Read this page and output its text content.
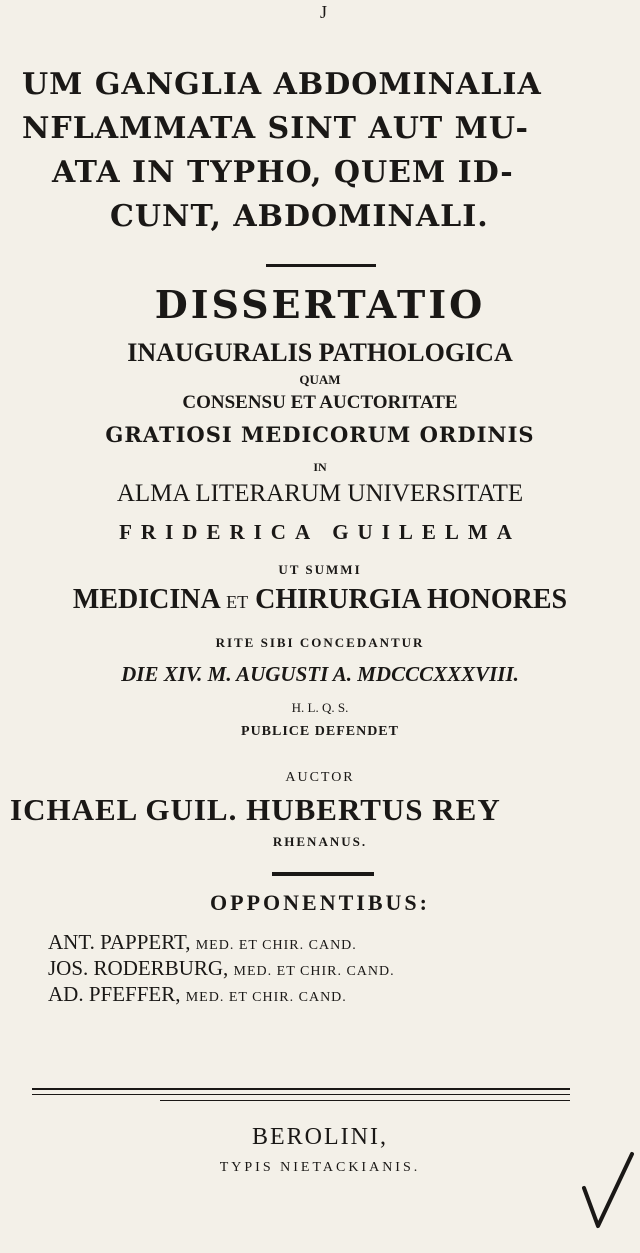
J
UM GANGLIA ABDOMINALIA
NFLAMMATA SINT AUT MU-
ATA IN TYPHO, QUEM ID-
CUNT, ABDOMINALI.
DISSERTATIO
INAUGURALIS PATHOLOGICA
QUAM
CONSENSU ET AUCTORITATE
GRATIOSI MEDICORUM ORDINIS
IN
ALMA LITERARUM UNIVERSITATE
FRIDERICA GUILELMA
UT SUMMI
MEDICINA ET CHIRURGIA HONORES
RITE SIBI CONCEDANTUR
DIE XIV. M. AUGUSTI A. MDCCCXXXVIII.
H. L. Q. S.
PUBLICE DEFENDET
AUCTOR
ICHAEL GUIL. HUBERTUS REY
RHENANUS.
OPPONENTIBUS:
ANT. PAPPERT, MED. ET CHIR. CAND.
JOS. RODERBURG, MED. ET CHIR. CAND.
AD. PFEFFER, MED. ET CHIR. CAND.
BEROLINI,
TYPIS NIETACKIANIS.
